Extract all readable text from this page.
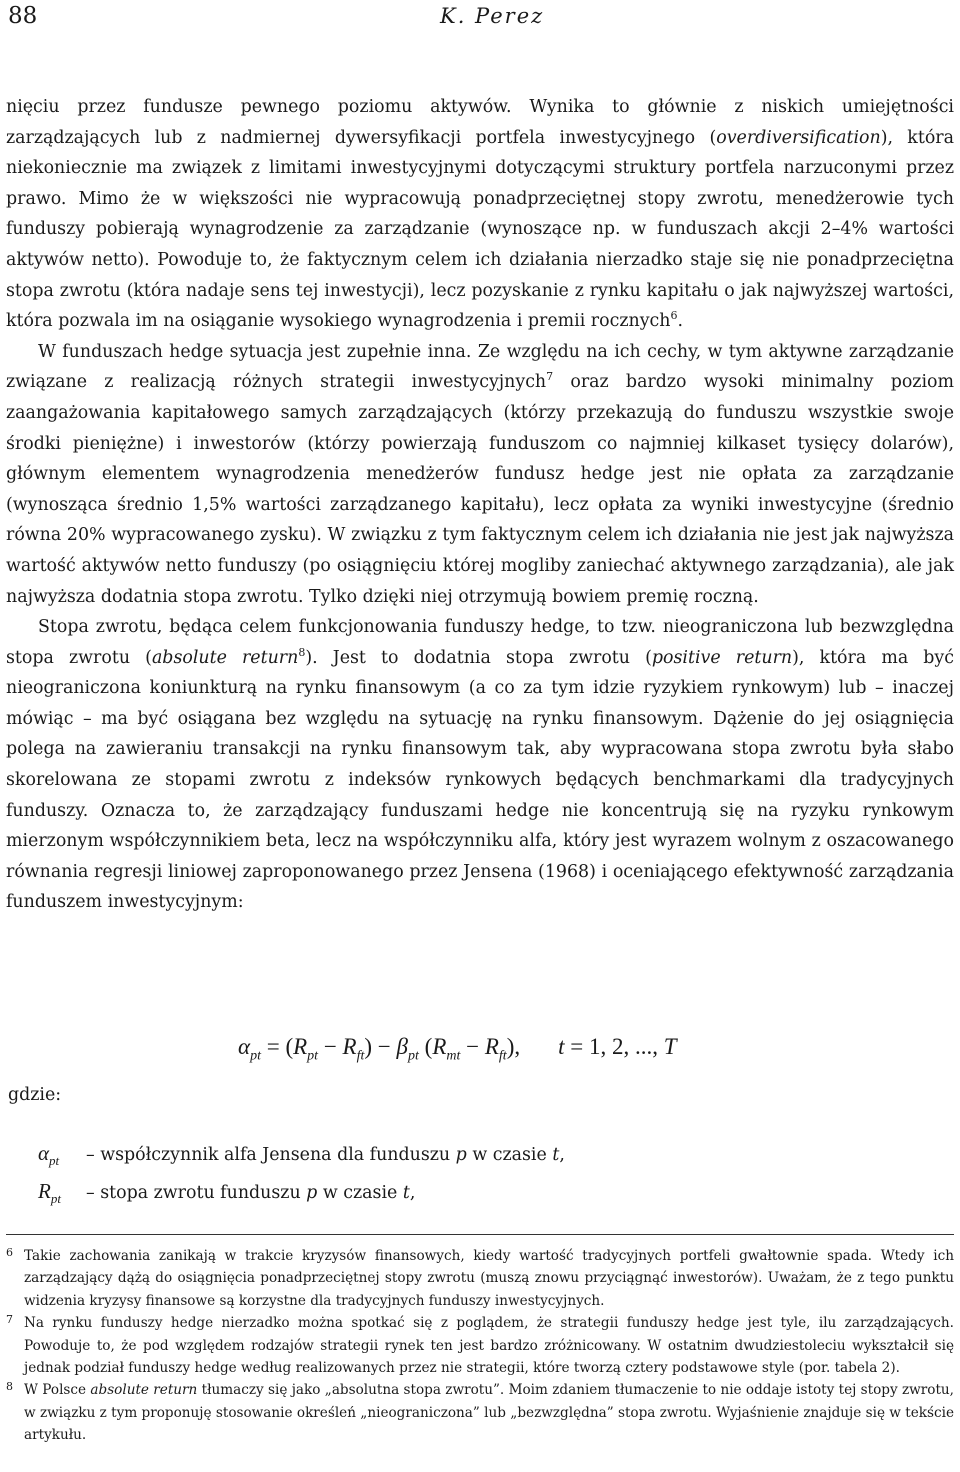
88	K. Perez

nięciu przez fundusze pewnego poziomu aktywów. Wynika to głównie z niskich umiejętności zarządzających lub z nadmiernej dywersyfikacji portfela inwestycyjnego (overdiversification), która niekoniecznie ma związek z limitami inwestycyjnymi dotyczącymi struktury portfela narzuconymi przez prawo. Mimo że w większości nie wypracowują ponadprzeciętnej stopy zwrotu, menedżerowie tych funduszy pobierają wynagrodzenie za zarządzanie (wynoszące np. w funduszach akcji 2–4% wartości aktywów netto). Powoduje to, że faktycznym celem ich działania nierzadko staje się nie ponadprzeciętna stopa zwrotu (która nadaje sens tej inwestycji), lecz pozyskanie z rynku kapitału o jak najwyższej wartości, która pozwala im na osiąganie wysokiego wynagrodzenia i premii rocznych$^6$.

W funduszach hedge sytuacja jest zupełnie inna. Ze względu na ich cechy, w tym aktywne zarządzanie związane z realizacją różnych strategii inwestycyjnych$^7$ oraz bardzo wysoki minimalny poziom zaangażowania kapitałowego samych zarządzających (którzy przekazują do funduszu wszystkie swoje środki pieniężne) i inwestorów (którzy powierzają funduszom co najmniej kilkaset tysięcy dolarów), głównym elementem wynagrodzenia menedżerów fundusz hedge jest nie opłata za zarządzanie (wynosząca średnio 1,5% wartości zarządzanego kapitału), lecz opłata za wyniki inwestycyjne (średnio równa 20% wypracowanego zysku). W związku z tym faktycznym celem ich działania nie jest jak najwyższa wartość aktywów netto funduszy (po osiągnięciu której mogliby zaniechać aktywnego zarządzania), ale jak najwyższa dodatnia stopa zwrotu. Tylko dzięki niej otrzymują bowiem premię roczną.

Stopa zwrotu, będąca celem funkcjonowania funduszy hedge, to tzw. nieograniczona lub bezwzględna stopa zwrotu (absolute return$^8$). Jest to dodatnia stopa zwrotu (positive return), która ma być nieograniczona koniunkturą na rynku finansowym (a co za tym idzie ryzykiem rynkowym) lub – inaczej mówiąc – ma być osiągana bez względu na sytuację na rynku finansowym. Dążenie do jej osiągnięcia polega na zawieraniu transakcji na rynku finansowym tak, aby wypracowana stopa zwrotu była słabo skorelowana ze stopami zwrotu z indeksów rynkowych będących benchmarkami dla tradycyjnych funduszy. Oznacza to, że zarządzający funduszami hedge nie koncentrują się na ryzyku rynkowym mierzonym współczynnikiem beta, lecz na współczynniku alfa, który jest wyrazem wolnym z oszacowanego równania regresji liniowej zaproponowanego przez Jensena (1968) i oceniającego efektywność zarządzania funduszem inwestycyjnym:

$\alpha_{pt} = (R_{pt} - R_{ft}) - \beta_{pt}$ $(R_{mt} - R_{ft})$, t = 1, 2, ..., T
gdzie:
$\alpha_{pt}$ – współczynnik alfa Jensena dla funduszu p w czasie t,
$R_{pt}$ – stopa zwrotu funduszu p w czasie t,
6 Takie zachowania zanikają w trakcie kryzysów finansowych, kiedy wartość tradycyjnych portfeli gwałtownie spada. Wtedy ich zarządzający dążą do osiągnięcia ponadprzeciętnej stopy zwrotu (muszą znowu przyciągnąć inwestorów). Uważam, że z tego punktu widzenia kryzysy finansowe są korzystne dla tradycyjnych funduszy inwestycyjnych.
7 Na rynku funduszy hedge nierzadko można spotkać się z poglądem, że strategii funduszy hedge jest tyle, ilu zarządzających. Powoduje to, że pod względem rodzajów strategii rynek ten jest bardzo zróżnicowany. W ostatnim dwudziestoleciu wykształcił się jednak podział funduszy hedge według realizowanych przez nie strategii, które tworzą cztery podstawowe style (por. tabela 2).
8 W Polsce absolute return tłumaczy się jako „absolutna stopa zwrotu”. Moim zdaniem tłumaczenie to nie oddaje istoty tej stopy zwrotu, w związku z tym proponuję stosowanie określeń „nieograniczona” lub „bezwzględna” stopa zwrotu. Wyjaśnienie znajduje się w tekście artykułu.
